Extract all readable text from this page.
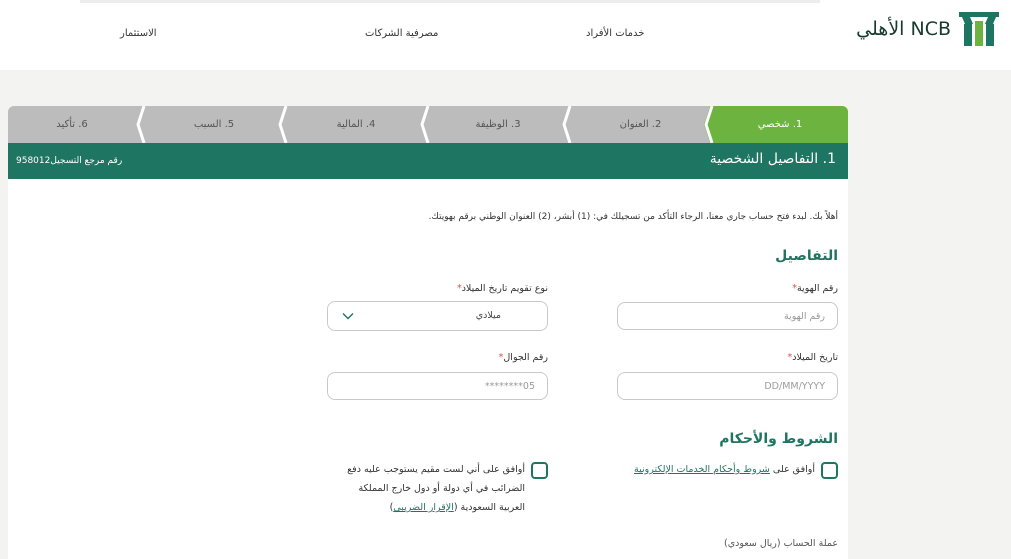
الأهلي NCB
خدمات الأفراد
مصرفية الشركات
الاستثمار
1. شخصي
2. العنوان
3. الوظيفة
4. المالية
5. السبب
6. تأكيد
1. التفاصيل الشخصية
رقم مرجع التسجيل958012

أهلاً بك. لبدء فتح حساب جاري معنا، الرجاء التأكد من تسجيلك في: (1) أبشر، (2) العنوان الوطني برقم بهويتك.

التفاصيل
رقم الهوية*
رقم الهوية
نوع تقويم تاريخ الميلاد*
ميلادي
تاريخ الميلاد*
DD/MM/YYYY
رقم الجوال*
05********
الشروط والأحكام
أوافق على شروط وأحكام الخدمات الإلكترونية
أوافق على أني لست مقيم يستوجب عليه دفع
الضرائب في أي دولة أو دول خارج المملكة
العربية السعودية (الإقرار الضريبي)
عملة الحساب (ريال سعودي)
